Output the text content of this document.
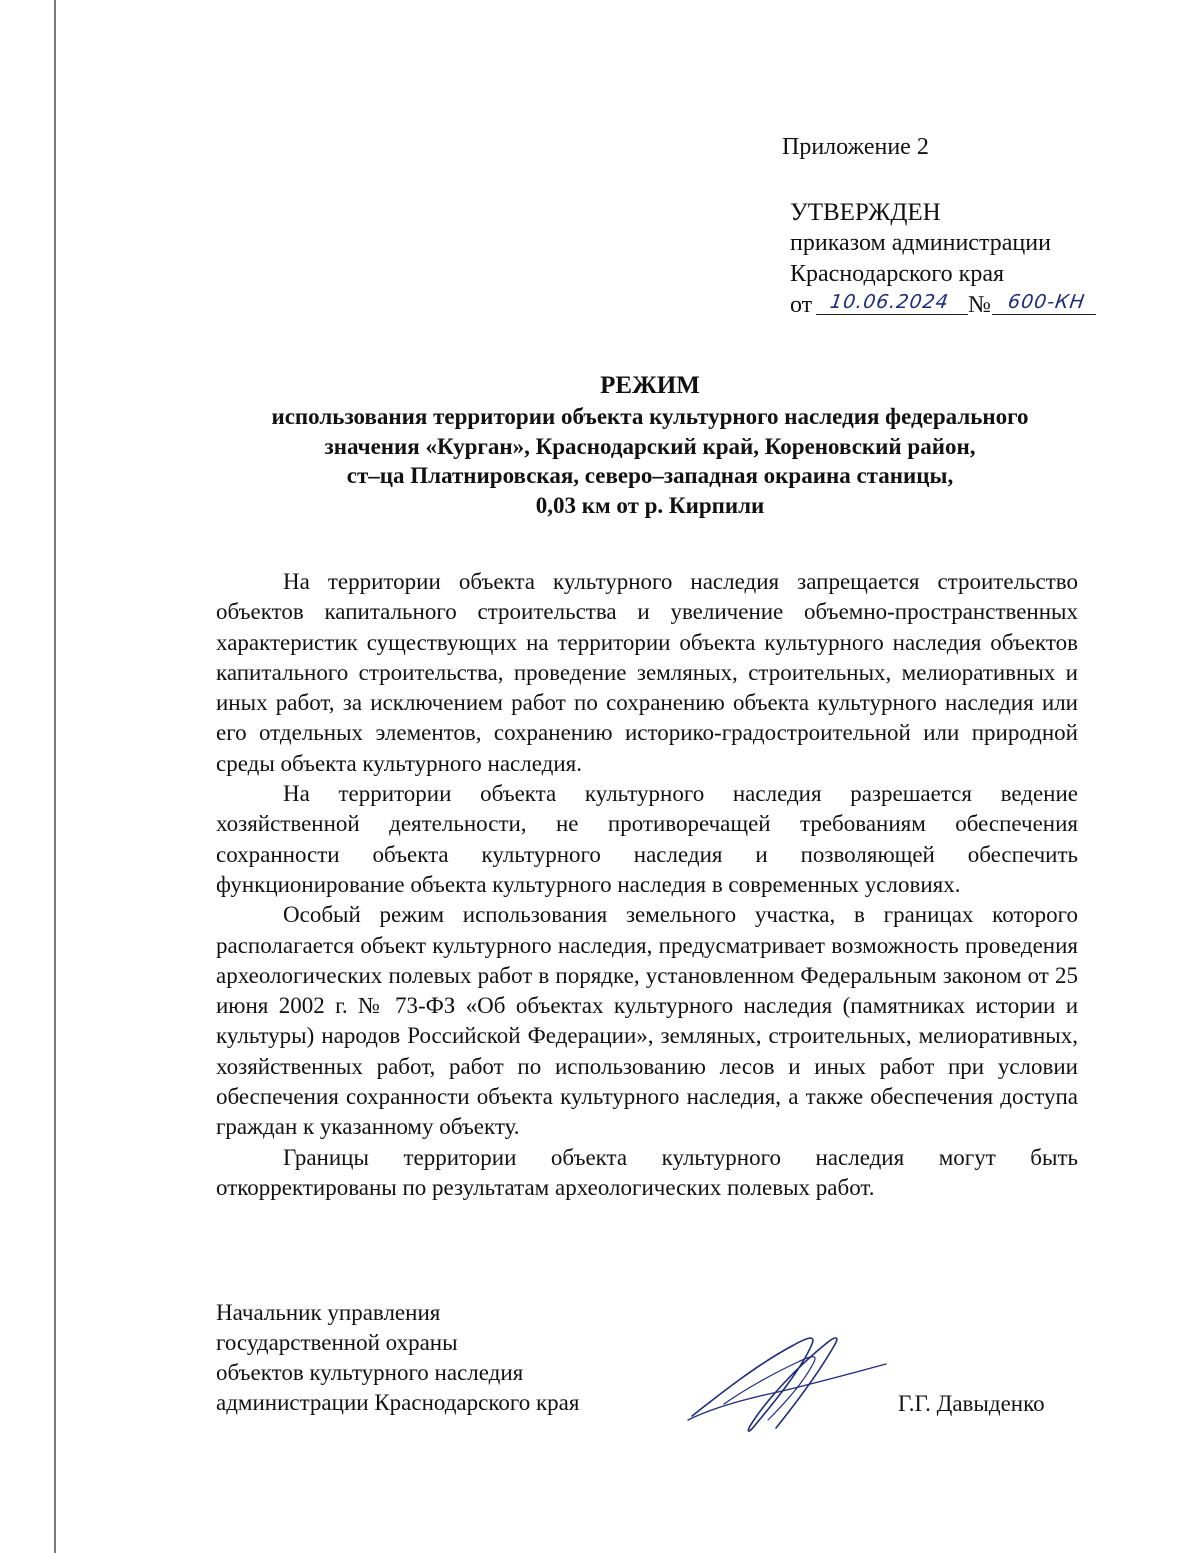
Приложение 2
УТВЕРЖДЕН
приказом администрации
Краснодарского края
от 10.06.2024 № 600-КН
РЕЖИМ
использования территории объекта культурного наследия федерального
значения «Курган», Краснодарский край, Кореновский район,
ст–ца Платнировская, северо–западная окраина станицы,
0,03 км от р. Кирпили

На территории объекта культурного наследия запрещается строительство объектов капитального строительства и увеличение объемно-пространственных характеристик существующих на территории объекта культурного наследия объектов капитального строительства, проведение земляных, строительных, мелиоративных и иных работ, за исключением работ по сохранению объекта культурного наследия или его отдельных элементов, сохранению историко-градостроительной или природной среды объекта культурного наследия.

На территории объекта культурного наследия разрешается ведение хозяйственной деятельности, не противоречащей требованиям обеспечения сохранности объекта культурного наследия и позволяющей обеспечить функционирование объекта культурного наследия в современных условиях.

Особый режим использования земельного участка, в границах которого располагается объект культурного наследия, предусматривает возможность проведения археологических полевых работ в порядке, установленном Федеральным законом от 25 июня 2002 г. № 73-ФЗ «Об объектах культурного наследия (памятниках истории и культуры) народов Российской Федерации», земляных, строительных, мелиоративных, хозяйственных работ, работ по использованию лесов и иных работ при условии обеспечения сохранности объекта культурного наследия, а также обеспечения доступа граждан к указанному объекту.

Границы территории объекта культурного наследия могут быть откорректированы по результатам археологических полевых работ.

Начальник управления
государственной охраны
объектов культурного наследия
администрации Краснодарского края	Г.Г. Давыденко
